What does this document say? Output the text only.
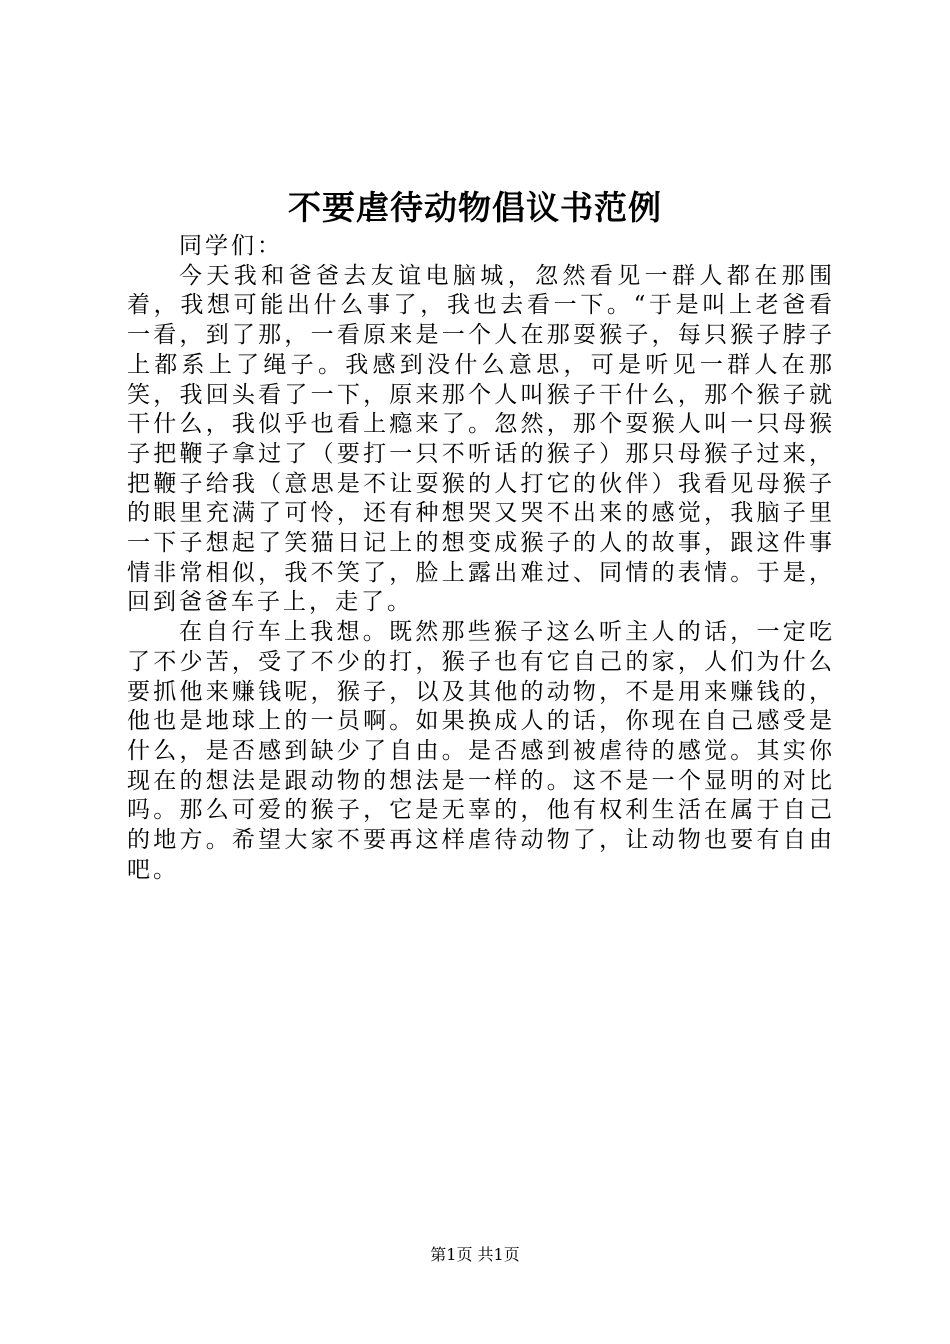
不要虐待动物倡议书范例

同学们：

今天我和爸爸去友谊电脑城，忽然看见一群人都在那围着，我想可能出什么事了，我也去看一下。“于是叫上老爸看一看，到了那，一看原来是一个人在那耍猴子，每只猴子脖子上都系上了绳子。我感到没什么意思，可是听见一群人在那笑，我回头看了一下，原来那个人叫猴子干什么，那个猴子就干什么，我似乎也看上瘾来了。忽然，那个耍猴人叫一只母猴子把鞭子拿过了（要打一只不听话的猴子）那只母猴子过来，把鞭子给我（意思是不让耍猴的人打它的伙伴）我看见母猴子的眼里充满了可怜，还有种想哭又哭不出来的感觉，我脑子里一下子想起了笑猫日记上的想变成猴子的人的故事，跟这件事情非常相似，我不笑了，脸上露出难过、同情的表情。于是，回到爸爸车子上，走了。

在自行车上我想。既然那些猴子这么听主人的话，一定吃了不少苦，受了不少的打，猴子也有它自己的家，人们为什么要抓他来赚钱呢，猴子，以及其他的动物，不是用来赚钱的，他也是地球上的一员啊。如果换成人的话，你现在自己感受是什么，是否感到缺少了自由。是否感到被虐待的感觉。其实你现在的想法是跟动物的想法是一样的。这不是一个显明的对比吗。那么可爱的猴子，它是无辜的，他有权利生活在属于自己的地方。希望大家不要再这样虐待动物了，让动物也要有自由吧。

第1页 共1页
